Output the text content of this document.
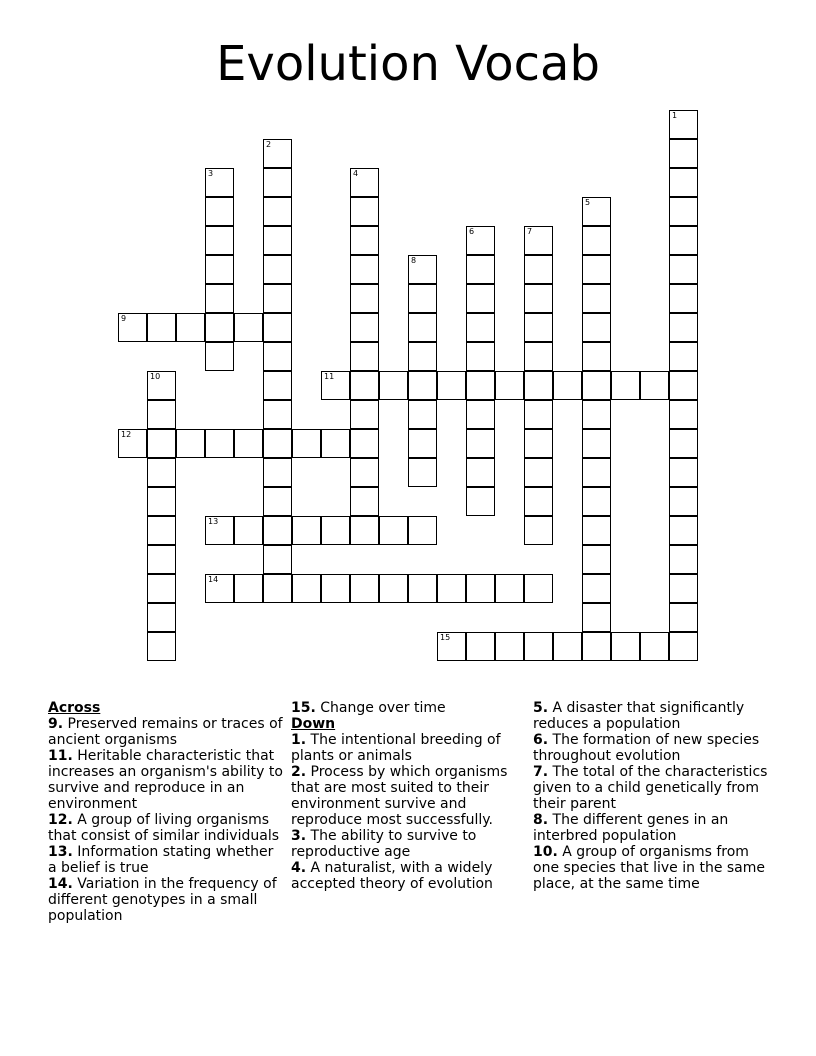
Evolution Vocab
1
2
3	4
5
6	7
8
9
10	11
12
13
14
15
Across
9. Preserved remains or traces of ancient organisms
11. Heritable characteristic that increases an organism's ability to survive and reproduce in an environment
12. A group of living organisms that consist of similar individuals
13. Information stating whether a belief is true
14. Variation in the frequency of different genotypes in a small population
15. Change over time
Down
1. The intentional breeding of plants or animals
2. Process by which organisms that are most suited to their environment survive and reproduce most successfully.
3. The ability to survive to reproductive age
4. A naturalist, with a widely accepted theory of evolution
5. A disaster that significantly reduces a population
6. The formation of new species throughout evolution
7. The total of the characteristics given to a child genetically from their parent
8. The different genes in an interbred population
10. A group of organisms from one species that live in the same place, at the same time
